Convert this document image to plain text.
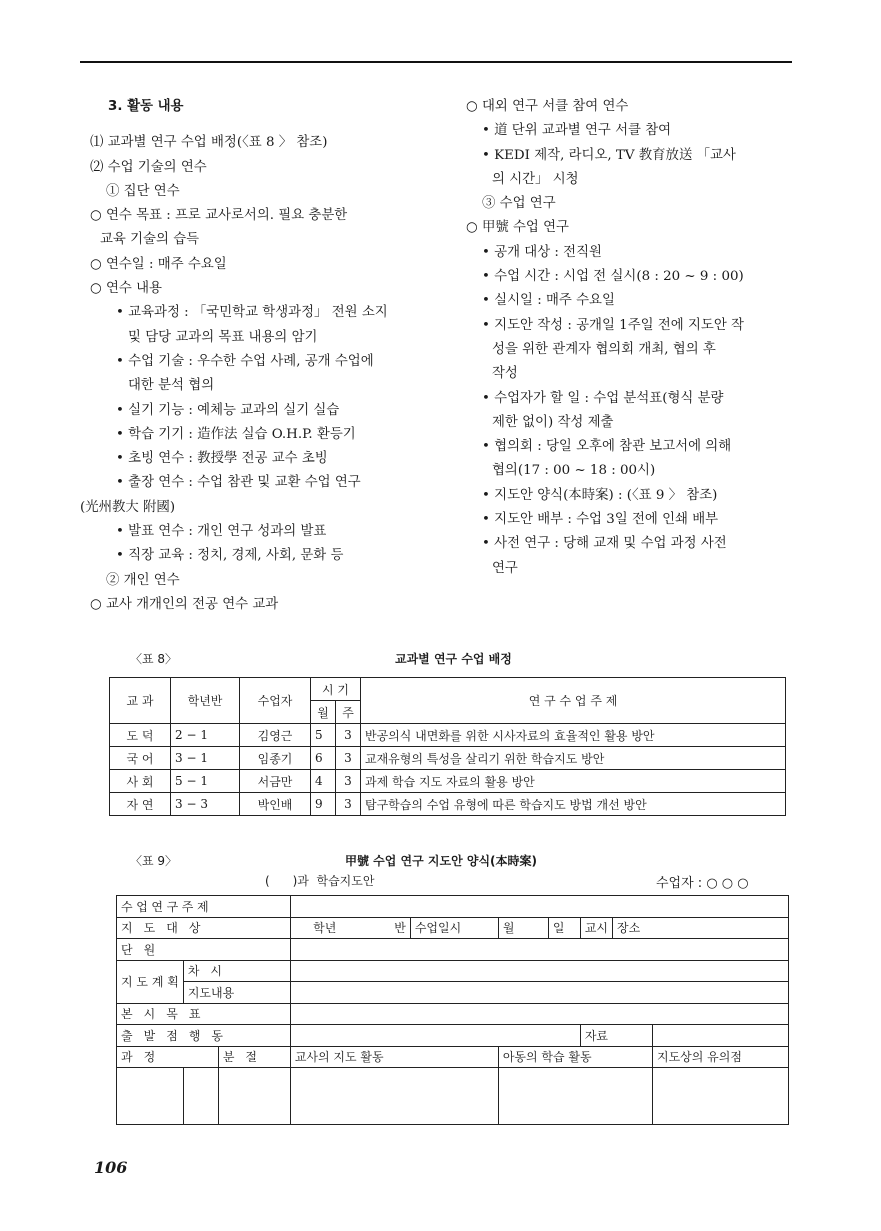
3. 활동 내용
⑴ 교과별 연구 수업 배정(〈표 8 〉 참조)
⑵ 수업 기술의 연수
① 집단 연수
○ 연수 목표 : 프로 교사로서의. 필요 충분한
교육 기술의 습득
○ 연수일 : 매주 수요일
○ 연수 내용
• 교육과정 : 「국민학교 학생과정」 전원 소지
및 담당 교과의 목표 내용의 암기
• 수업 기술 : 우수한 수업 사례, 공개 수업에
대한 분석 협의
• 실기 기능 : 예체능 교과의 실기 실습
• 학습 기기 : 造作法 실습 O.H.P. 환등기
• 초빙 연수 : 教授學 전공 교수 초빙
• 출장 연수 : 수업 참관 및 교환 수업 연구
(光州教大 附國)
• 발표 연수 : 개인 연구 성과의 발표
• 직장 교육 : 정치, 경제, 사회, 문화 등
② 개인 연수
○ 교사 개개인의 전공 연수 교과
○ 대외 연구 서클 참여 연수
• 道 단위 교과별 연구 서클 참여
• KEDI 제작, 라디오, TV 教育放送 「교사
의 시간」 시청
③ 수업 연구
○ 甲號 수업 연구
• 공개 대상 : 전직원
• 수업 시간 : 시업 전 실시(8 : 20 ~ 9 : 00)
• 실시일 : 매주 수요일
• 지도안 작성 : 공개일 1주일 전에 지도안 작
성을 위한 관계자 협의회 개최, 협의 후
작성
• 수업자가 할 일 : 수업 분석표(형식 분량
제한 없이) 작성 제출
• 협의회 : 당일 오후에 참관 보고서에 의해
협의(17 : 00 ~ 18 : 00시)
• 지도안 양식(本時案) : (〈표 9 〉 참조)
• 지도안 배부 : 수업 3일 전에 인쇄 배부
• 사전 연구 : 당해 교재 및 수업 과정 사전
연구
〈표 8〉	교과별 연구 수업 배정
교 과	학년반	수업자	시 기		연 구 수 업 주 제
			월	주	
도 덕	2 − 1	김영근	5	3	반공의식 내면화를 위한 시사자료의 효율적인 활용 방안
국 어	3 − 1	임종기	6	3	교재유형의 특성을 살리기 위한 학습지도 방안
사 회	5 − 1	서금만	4	3	과제 학습 지도 자료의 활용 방안
자 연	3 − 3	박인배	9	3	탐구학습의 수업 유형에 따른 학습지도 방법 개선 방안
〈표 9〉	甲號 수업 연구 지도안 양식(本時案)
(      )과  학습지도안	수업자 : ○ ○ ○
수업연구주제										
지 도 대 상			학년	반	수업일시	월	일	교시	장소	
단 원										
지 도 계 획	차 시									
	지도내용									
본 시 목 표										
출 발 점 행 동								자료		
과 정		분 절	교사의 지도 활동			아동의 학습 활동				지도상의 유의점

106
